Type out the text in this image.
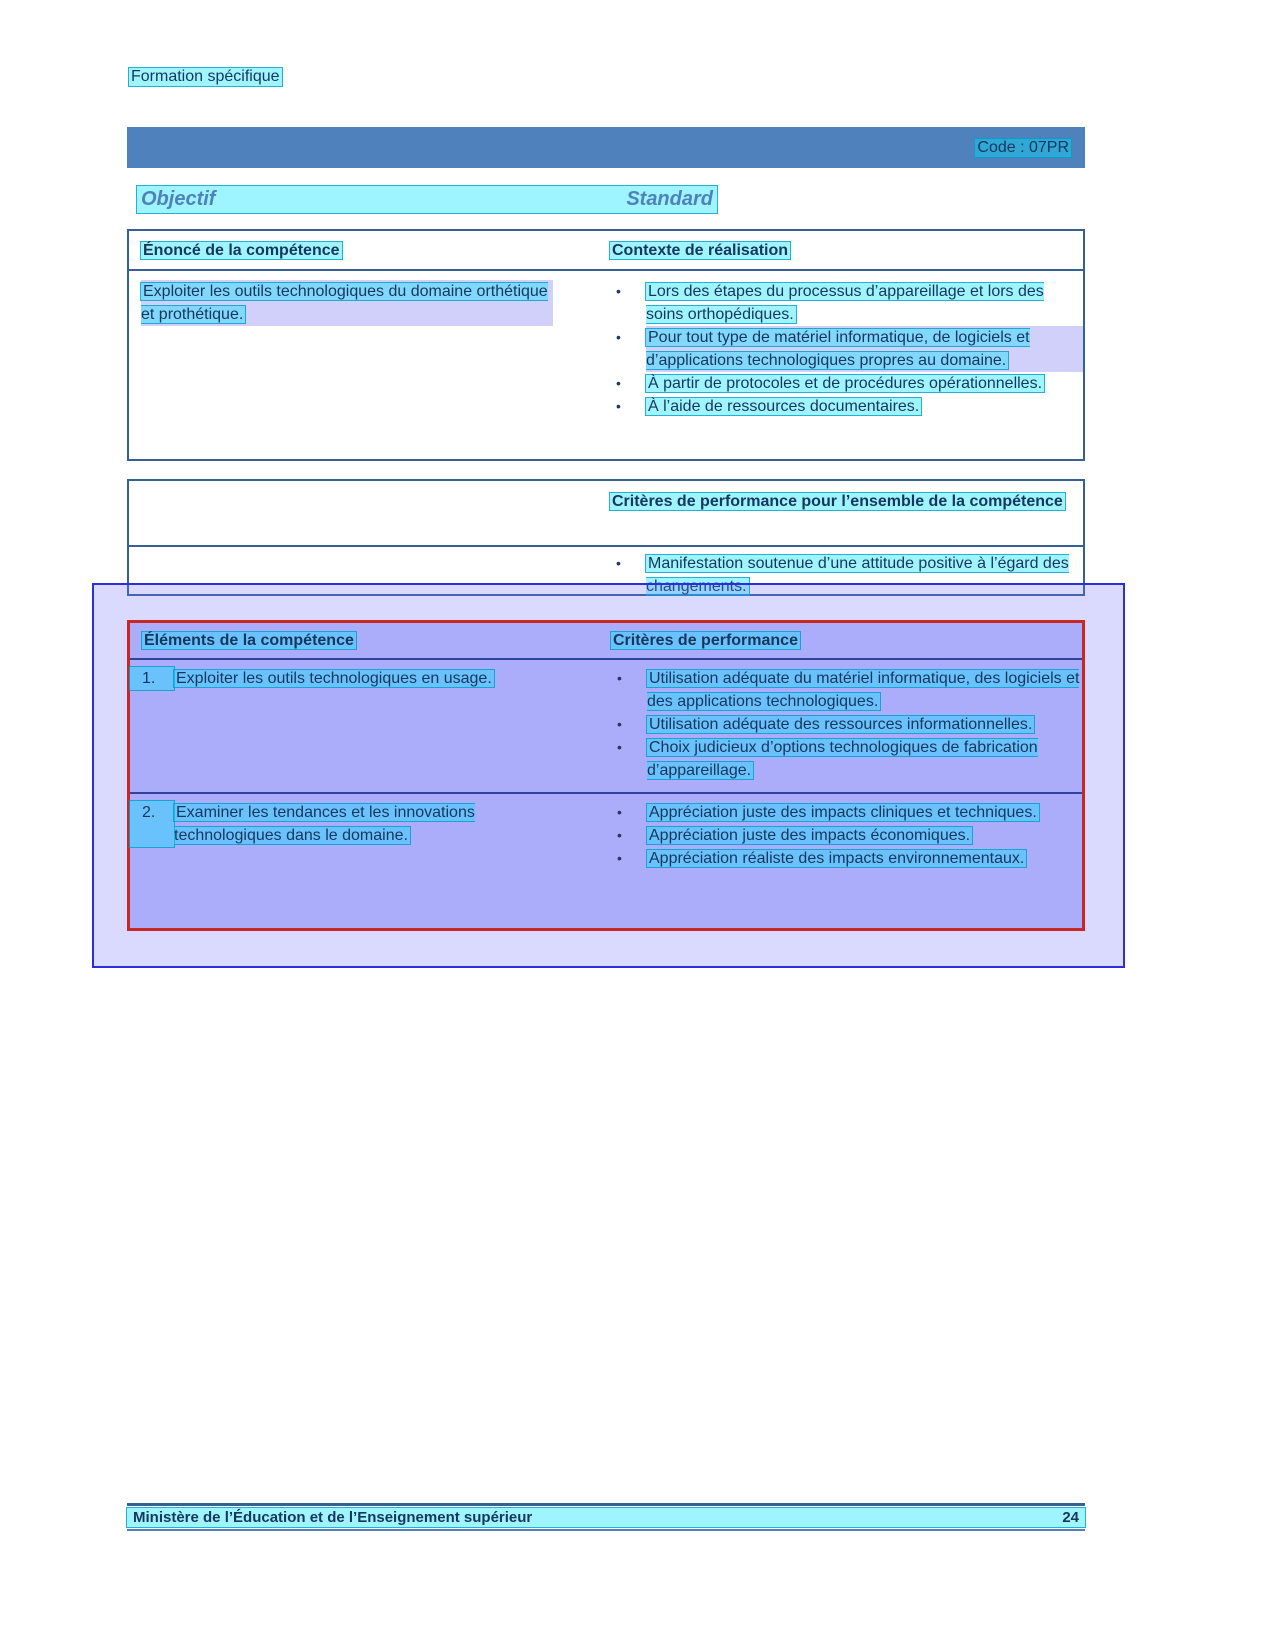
Formation spécifique
Code : 07PR
Objectif	Standard
Énoncé de la compétence	Contexte de réalisation
Exploiter les outils technologiques du domaine orthétique et prothétique.
•	Lors des étapes du processus d’appareillage et lors des soins orthopédiques.
•	Pour tout type de matériel informatique, de logiciels et d’applications technologiques propres au domaine.
•	À partir de protocoles et de procédures opérationnelles.
•	À l’aide de ressources documentaires.
Critères de performance pour l’ensemble de la compétence
•	Manifestation soutenue d’une attitude positive à l’égard des changements.
Éléments de la compétence	Critères de performance
1.	Exploiter les outils technologiques en usage.	•	Utilisation adéquate du matériel informatique, des logiciels et des applications technologiques.
•	Utilisation adéquate des ressources informationnelles.
•	Choix judicieux d’options technologiques de fabrication d’appareillage.
2.	Examiner les tendances et les innovations technologiques dans le domaine.
•	Appréciation juste des impacts cliniques et techniques.
•	Appréciation juste des impacts économiques.
•	Appréciation réaliste des impacts environnementaux.
Ministère de l’Éducation et de l’Enseignement supérieur	24
